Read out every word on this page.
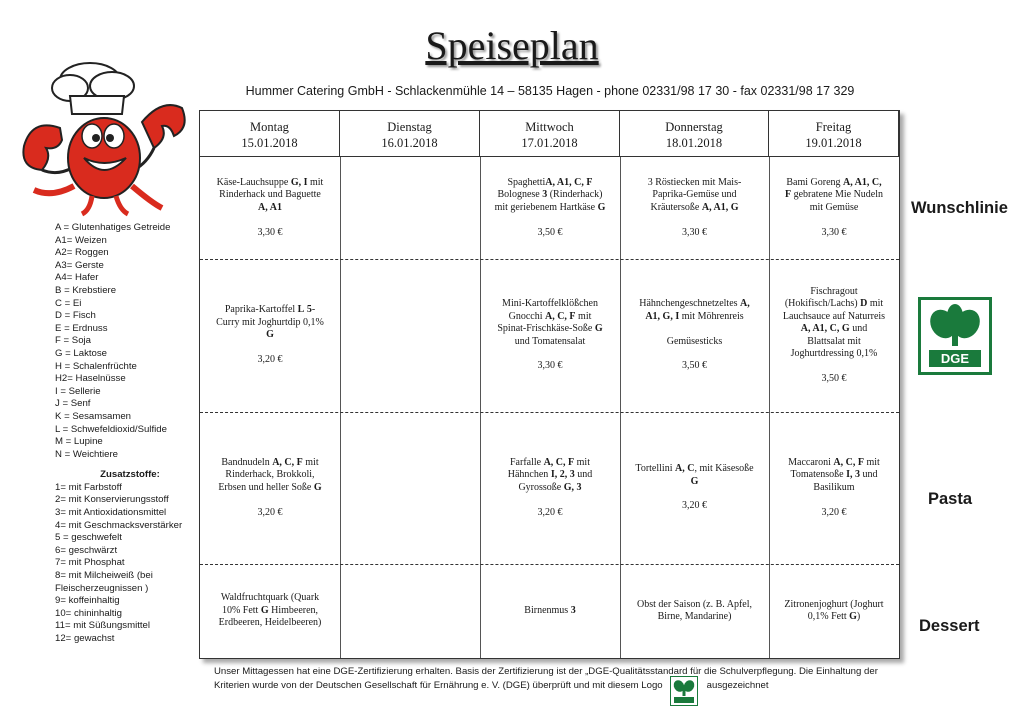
Speiseplan
Hummer Catering GmbH - Schlackenmühle 14 – 58135 Hagen - phone 02331/98 17 30 - fax 02331/98 17 329
A = Glutenhatiges Getreide
A1= Weizen
A2= Roggen
A3= Gerste
A4= Hafer
B = Krebstiere
C = Ei
D = Fisch
E = Erdnuss
F = Soja
G = Laktose
H = Schalenfrüchte
H2= Haselnüsse
I = Sellerie
J = Senf
K = Sesamsamen
L = Schwefeldioxid/Sulfide
M = Lupine
N = Weichtiere
Zusatzstoffe:
1= mit Farbstoff
2= mit Konservierungsstoff
3= mit Antioxidationsmittel
4= mit Geschmacksverstärker
5 = geschwefelt
6= geschwärzt
7= mit Phosphat
8= mit Milcheiweiß (bei
Fleischerzeugnissen )
9= koffeinhaltig
10= chininhaltig
11= mit Süßungsmittel
12= gewachst
Montag
15.01.2018
Dienstag
16.01.2018
Mittwoch
17.01.2018
Donnerstag
18.01.2018
Freitag
19.01.2018
Käse-Lauchsuppe G, I mit
Rinderhack und Baguette
A, A1

3,30 €
SpaghettiA, A1, C, F
Bolognese 3 (Rinderhack)
mit geriebenem Hartkäse G

3,50 €
3 Röstiecken mit Mais-
Paprika-Gemüse und
Kräutersoße A, A1, G

3,30 €
Bami Goreng A, A1, C,
F gebratene Mie Nudeln
mit Gemüse

3,30 €
Paprika-Kartoffel L 5-
Curry mit Joghurtdip 0,1%
G

3,20 €
Mini-Kartoffelklößchen
Gnocchi A, C, F mit
Spinat-Frischkäse-Soße G
und Tomatensalat

3,30 €
Hähnchengeschnetzeltes A,
A1, G, I mit Möhrenreis

Gemüsesticks

3,50 €
Fischragout
(Hokifisch/Lachs) D mit
Lauchsauce auf Naturreis
A, A1, C, G und
Blattsalat mit
Joghurtdressing 0,1%

3,50 €
Bandnudeln A, C, F mit
Rinderhack, Brokkoli,
Erbsen und heller Soße G

3,20 €
Farfalle A, C, F mit
Hähnchen I, 2, 3 und
Gyrossoße G, 3

3,20 €
Tortellini A, C, mit Käsesoße
G

3,20 €
Maccaroni A, C, F mit
Tomatensoße I, 3 und
Basilikum

3,20 €
Waldfruchtquark (Quark
10% Fett G Himbeeren,
Erdbeeren, Heidelbeeren)
Birnenmus 3
Obst der Saison (z. B. Apfel,
Birne, Mandarine)
Zitronenjoghurt (Joghurt
0,1% Fett G)
Wunschlinie
Pasta
Dessert
DGE
Unser Mittagessen hat eine DGE-Zertifizierung erhalten. Basis der Zertifizierung ist der „DGE-Qualitätsstandard für die Schulverpflegung. Die Einhaltung der
Kriterien wurde von der Deutschen Gesellschaft für Ernährung e. V. (DGE) überprüft und mit diesem Logo	ausgezeichnet
